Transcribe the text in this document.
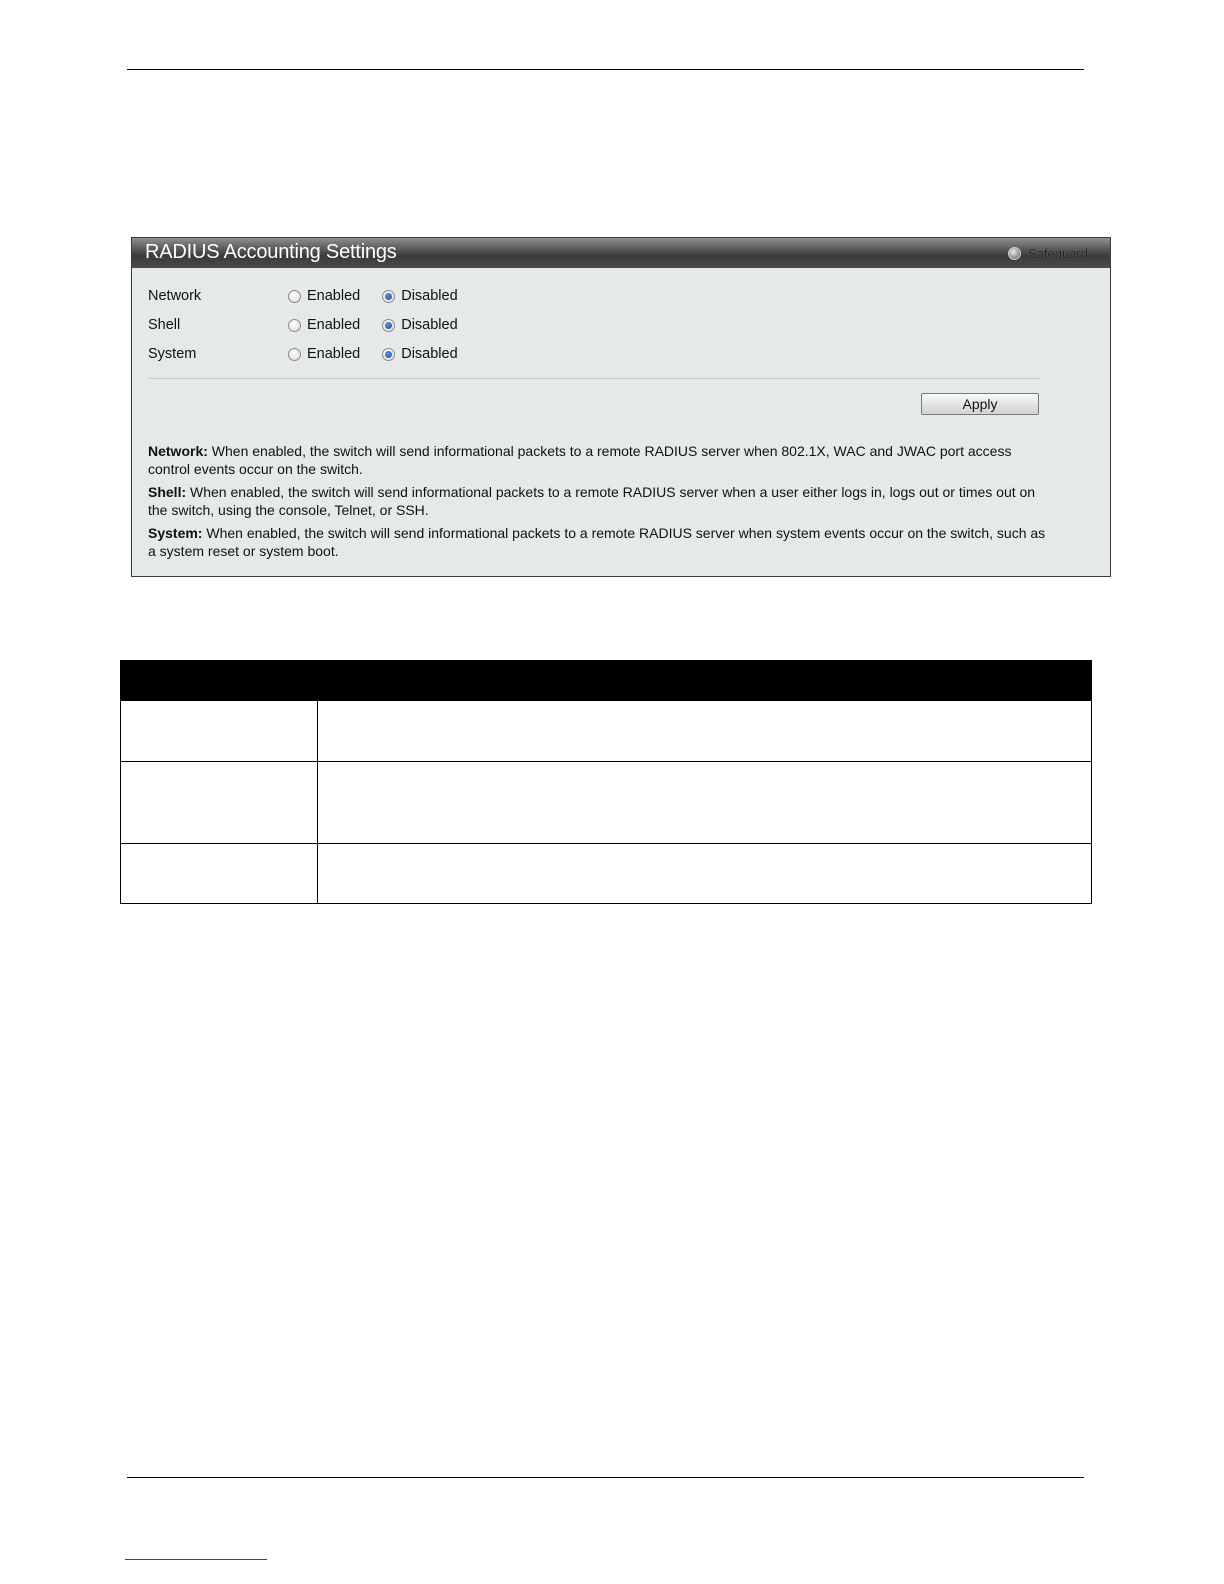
RADIUS Accounting Settings	Safeguard
Network	Enabled	Disabled
Shell	Enabled	Disabled
System	Enabled	Disabled
Apply
Network: When enabled, the switch will send informational packets to a remote RADIUS server when 802.1X, WAC and JWAC port access control events occur on the switch.
Shell: When enabled, the switch will send informational packets to a remote RADIUS server when a user either logs in, logs out or times out on the switch, using the console, Telnet, or SSH.
System: When enabled, the switch will send informational packets to a remote RADIUS server when system events occur on the switch, such as a system reset or system boot.
